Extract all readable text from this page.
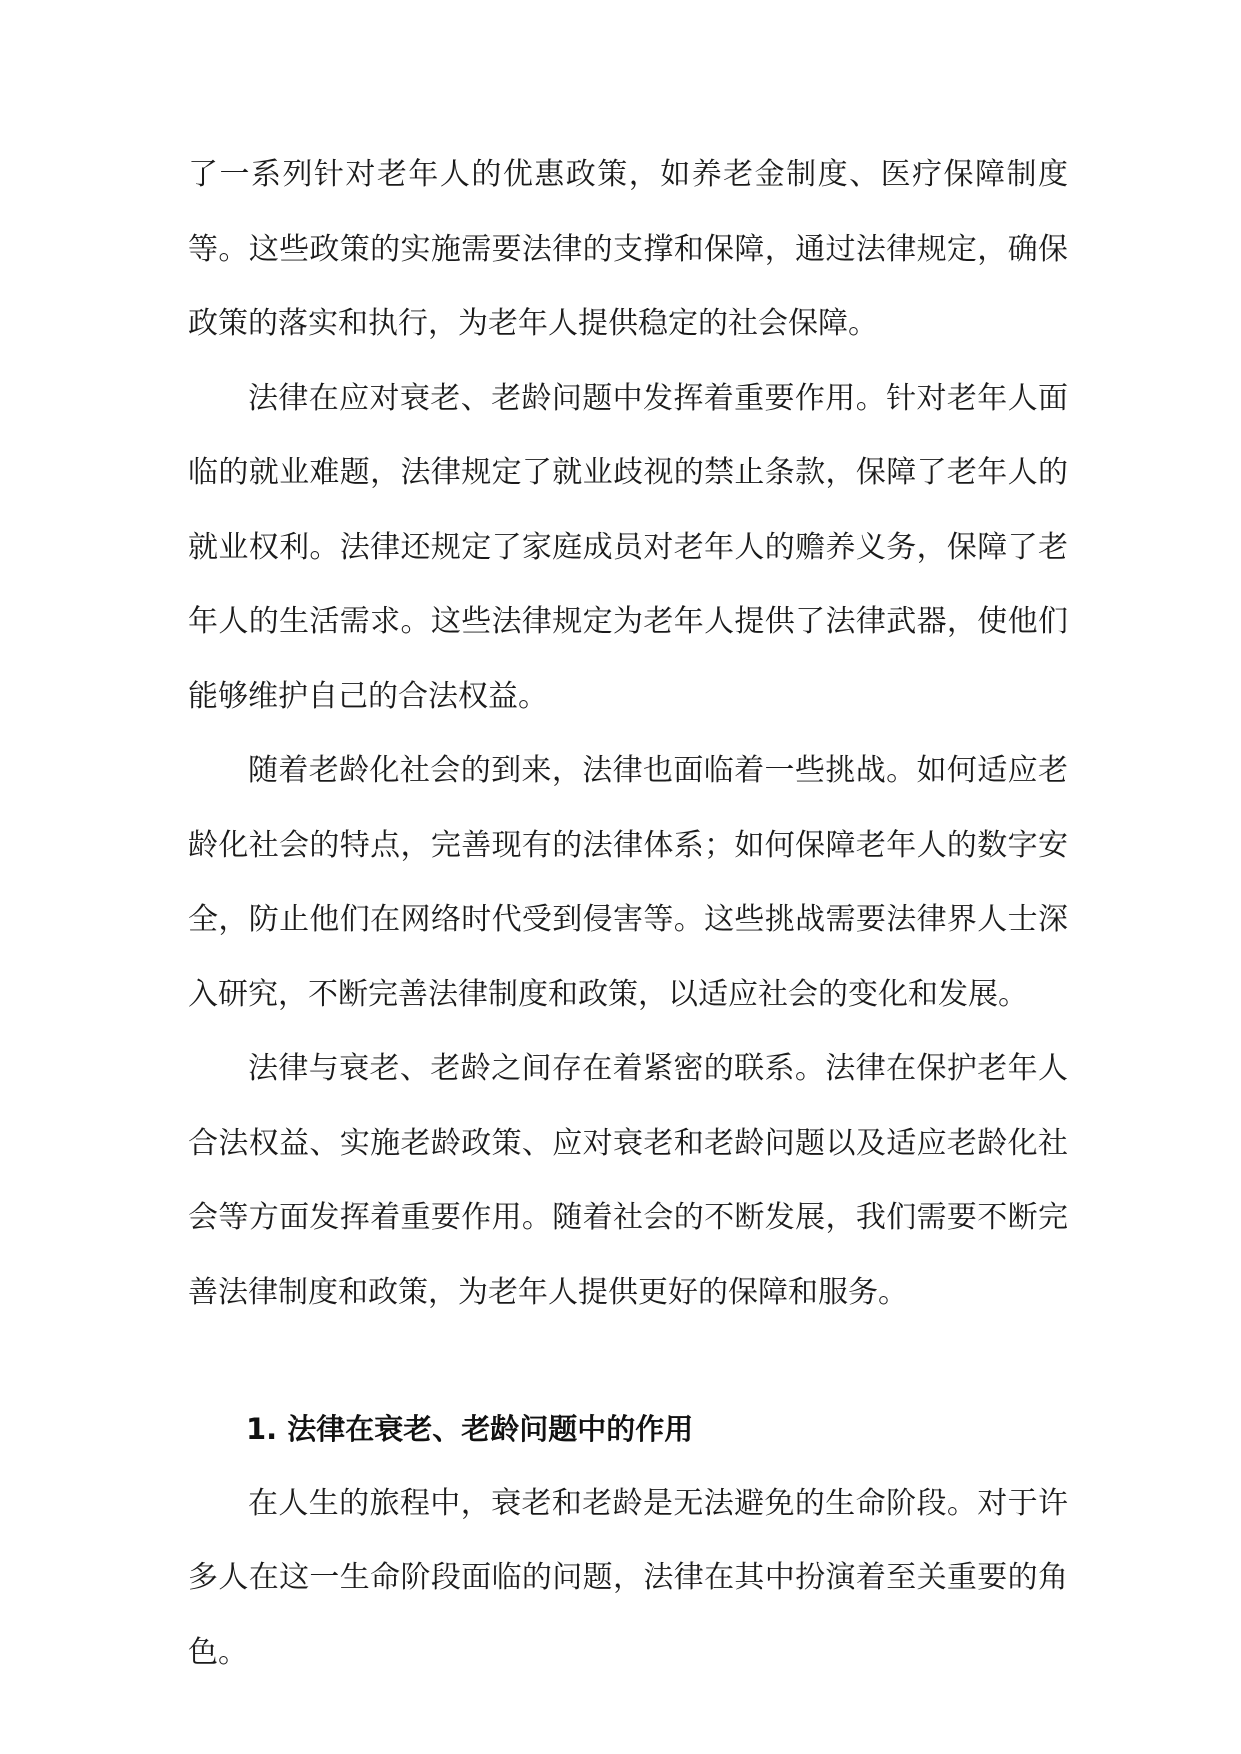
了一系列针对老年人的优惠政策，如养老金制度、医疗保障制度等。这些政策的实施需要法律的支撑和保障，通过法律规定，确保政策的落实和执行，为老年人提供稳定的社会保障。

法律在应对衰老、老龄问题中发挥着重要作用。针对老年人面临的就业难题，法律规定了就业歧视的禁止条款，保障了老年人的就业权利。法律还规定了家庭成员对老年人的赡养义务，保障了老年人的生活需求。这些法律规定为老年人提供了法律武器，使他们能够维护自己的合法权益。

随着老龄化社会的到来，法律也面临着一些挑战。如何适应老龄化社会的特点，完善现有的法律体系；如何保障老年人的数字安全，防止他们在网络时代受到侵害等。这些挑战需要法律界人士深入研究，不断完善法律制度和政策，以适应社会的变化和发展。

法律与衰老、老龄之间存在着紧密的联系。法律在保护老年人合法权益、实施老龄政策、应对衰老和老龄问题以及适应老龄化社会等方面发挥着重要作用。随着社会的不断发展，我们需要不断完善法律制度和政策，为老年人提供更好的保障和服务。

1. 法律在衰老、老龄问题中的作用

在人生的旅程中，衰老和老龄是无法避免的生命阶段。对于许多人在这一生命阶段面临的问题，法律在其中扮演着至关重要的角色。
